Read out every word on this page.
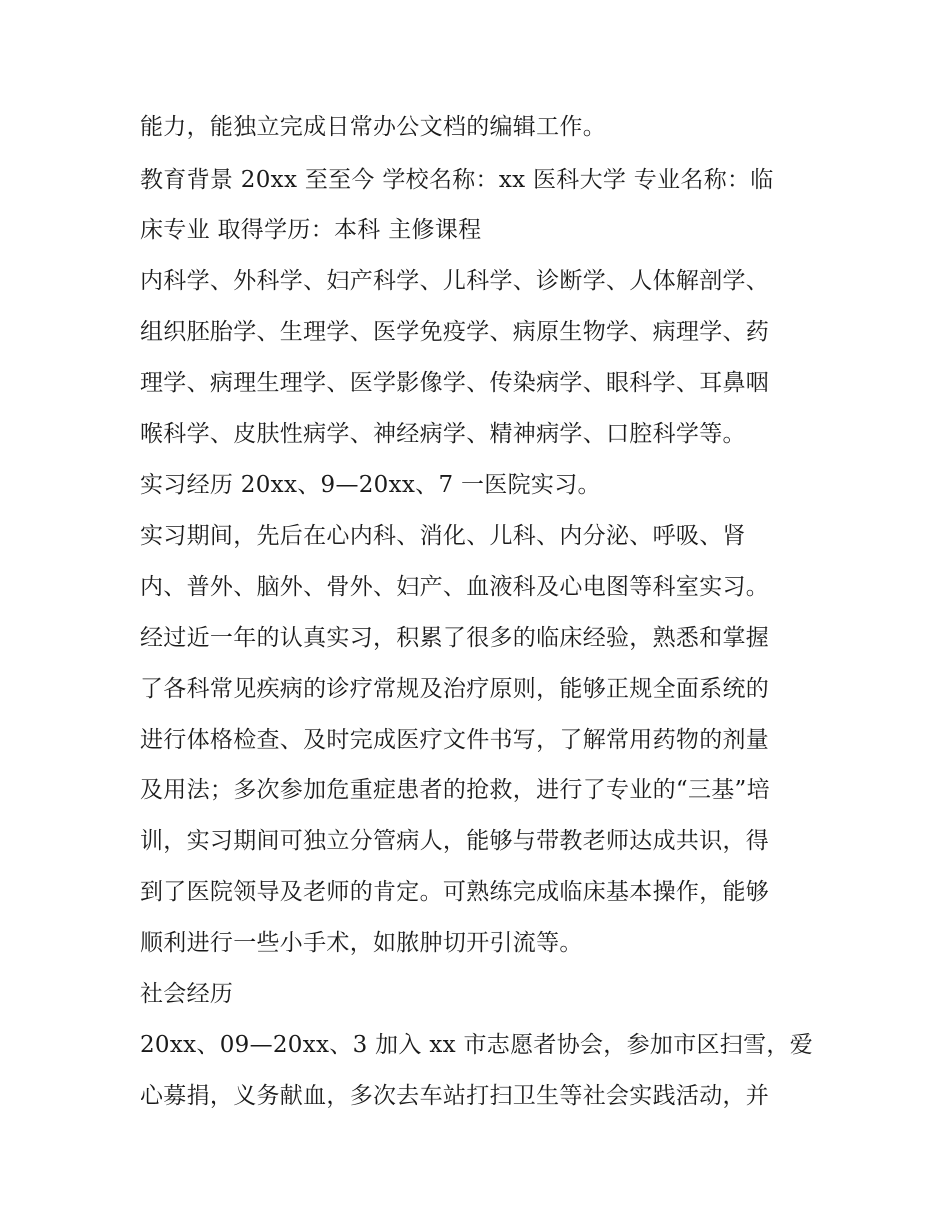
能力，能独立完成日常办公文档的编辑工作。
教育背景 20xx 至至今 学校名称：xx 医科大学 专业名称：临
床专业 取得学历：本科 主修课程
内科学、外科学、妇产科学、儿科学、诊断学、人体解剖学、
组织胚胎学、生理学、医学免疫学、病原生物学、病理学、药
理学、病理生理学、医学影像学、传染病学、眼科学、耳鼻咽
喉科学、皮肤性病学、神经病学、精神病学、口腔科学等。
实习经历 20xx、9—20xx、7 一医院实习。
实习期间，先后在心内科、消化、儿科、内分泌、呼吸、肾
内、普外、脑外、骨外、妇产、血液科及心电图等科室实习。
经过近一年的认真实习，积累了很多的临床经验，熟悉和掌握
了各科常见疾病的诊疗常规及治疗原则，能够正规全面系统的
进行体格检查、及时完成医疗文件书写，了解常用药物的剂量
及用法；多次参加危重症患者的抢救，进行了专业的“三基”培
训，实习期间可独立分管病人，能够与带教老师达成共识，得
到了医院领导及老师的肯定。可熟练完成临床基本操作，能够
顺利进行一些小手术，如脓肿切开引流等。
社会经历
20xx、09—20xx、3 加入 xx 市志愿者协会，参加市区扫雪，爱
心募捐，义务献血，多次去车站打扫卫生等社会实践活动，并
